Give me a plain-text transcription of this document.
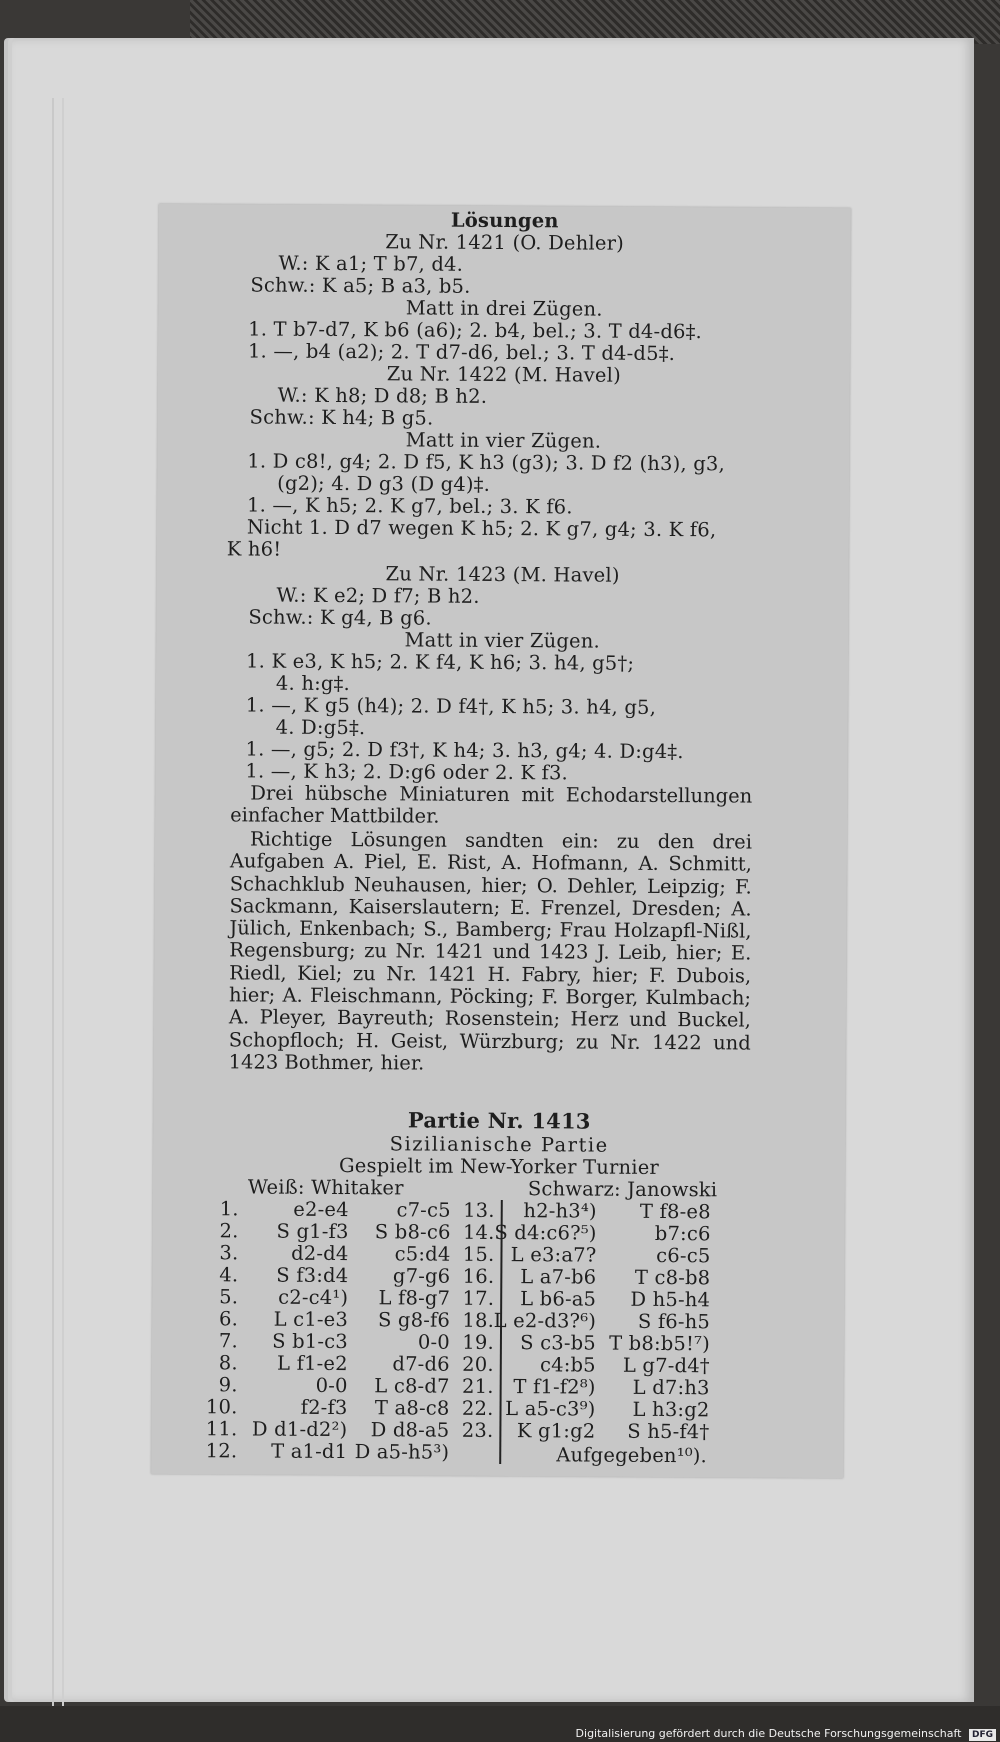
Lösungen
Zu Nr. 1421 (O. Dehler)
W.: K a1; T b7, d4.
Schw.: K a5; B a3, b5.
Matt in drei Zügen.
1. T b7-d7, K b6 (a6); 2. b4, bel.; 3. T d4-d6‡.
1. —, b4 (a2); 2. T d7-d6, bel.; 3. T d4-d5‡.
Zu Nr. 1422 (M. Havel)
W.: K h8; D d8; B h2.
Schw.: K h4; B g5.
Matt in vier Zügen.
1. D c8!, g4; 2. D f5, K h3 (g3); 3. D f2 (h3), g3,
(g2); 4. D g3 (D g4)‡.
1. —, K h5; 2. K g7, bel.; 3. K f6.
Nicht 1. D d7 wegen K h5; 2. K g7, g4; 3. K f6,
K h6!
Zu Nr. 1423 (M. Havel)
W.: K e2; D f7; B h2.
Schw.: K g4, B g6.
Matt in vier Zügen.
1. K e3, K h5; 2. K f4, K h6; 3. h4, g5†;
4. h:g‡.
1. —, K g5 (h4); 2. D f4†, K h5; 3. h4, g5,
4. D:g5‡.
1. —, g5; 2. D f3†, K h4; 3. h3, g4; 4. D:g4‡.
1. —, K h3; 2. D:g6 oder 2. K f3.
Drei hübsche Miniaturen mit Echodarstellungen einfacher Mattbilder.
Richtige Lösungen sandten ein: zu den drei Aufgaben A. Piel, E. Rist, A. Hofmann, A. Schmitt, Schachklub Neuhausen, hier; O. Dehler, Leipzig; F. Sackmann, Kaiserslautern; E. Frenzel, Dresden; A. Jülich, Enkenbach; S., Bamberg; Frau Holzapfl-Nißl, Regensburg; zu Nr. 1421 und 1423 J. Leib, hier; E. Riedl, Kiel; zu Nr. 1421 H. Fabry, hier; F. Dubois, hier; A. Fleischmann, Pöcking; F. Borger, Kulmbach; A. Pleyer, Bayreuth; Rosenstein; Herz und Buckel, Schopfloch; H. Geist, Würzburg; zu Nr. 1422 und 1423 Bothmer, hier.
Partie Nr. 1413
Sizilianische Partie
Gespielt im New-Yorker Turnier
Weiß: Whitaker	Schwarz: Janowski
1.	e2-e4	c7-c5
2.	S g1-f3	S b8-c6
3.	d2-d4	c5:d4
4.	S f3:d4	g7-g6
5.	c2-c4¹)	L f8-g7
6.	L c1-e3	S g8-f6
7.	S b1-c3	0-0
8.	L f1-e2	d7-d6
9.	0-0	L c8-d7
10.	f2-f3	T a8-c8
11. D d1-d2²)	D d8-a5
12.	T a1-d1 D a5-h5³)
13.	h2-h3⁴)	T f8-e8
14. S d4:c6?⁵)	b7:c6
15. L e3:a7?	c6-c5
16.	L a7-b6	T c8-b8
17.	L b6-a5	D h5-h4
18. L e2-d3?⁶)	S f6-h5
19.	S c3-b5 T b8:b5!⁷)
20.	c4:b5	L g7-d4†
21.	T f1-f2⁸)	L d7:h3
22. L a5-c3⁹)	L h3:g2
23.	K g1:g2	S h5-f4†
Aufgegeben¹⁰).
Digitalisierung gefördert durch die Deutsche Forschungsgemeinschaft DFG
